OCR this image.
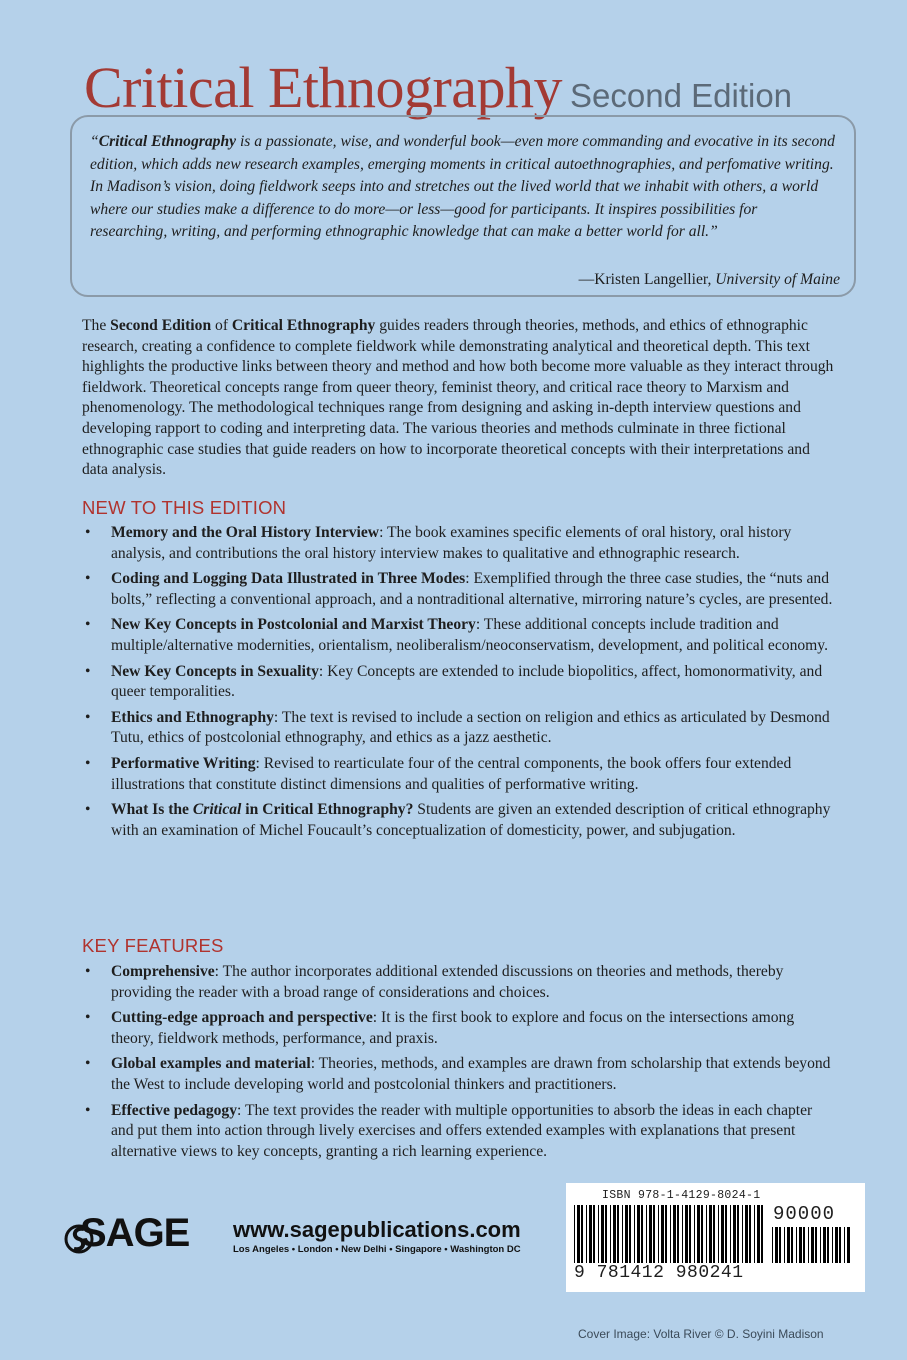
Critical Ethnography Second Edition

“Critical Ethnography is a passionate, wise, and wonderful book—even more commanding and evocative in its second edition, which adds new research examples, emerging moments in critical autoethnographies, and perfomative writing. In Madison’s vision, doing fieldwork seeps into and stretches out the lived world that we inhabit with others, a world where our studies make a difference to do more—or less—good for participants. It inspires possibilities for researching, writing, and performing ethnographic knowledge that can make a better world for all.”

—Kristen Langellier, University of Maine

The Second Edition of Critical Ethnography guides readers through theories, methods, and ethics of ethnographic research, creating a confidence to complete fieldwork while demonstrating analytical and theoretical depth. This text highlights the productive links between theory and method and how both become more valuable as they interact through fieldwork. Theoretical concepts range from queer theory, feminist theory, and critical race theory to Marxism and phenomenology. The methodological techniques range from designing and asking in-depth interview questions and developing rapport to coding and interpreting data. The various theories and methods culminate in three fictional ethnographic case studies that guide readers on how to incorporate theoretical concepts with their interpretations and data analysis.

NEW TO THIS EDITION
• Memory and the Oral History Interview: The book examines specific elements of oral history, oral history analysis, and contributions the oral history interview makes to qualitative and ethnographic research.
• Coding and Logging Data Illustrated in Three Modes: Exemplified through the three case studies, the “nuts and bolts,” reflecting a conventional approach, and a nontraditional alternative, mirroring nature’s cycles, are presented.
• New Key Concepts in Postcolonial and Marxist Theory: These additional concepts include tradition and multiple/alternative modernities, orientalism, neoliberalism/neoconservatism, development, and political economy.
• New Key Concepts in Sexuality: Key Concepts are extended to include biopolitics, affect, homonormativity, and queer temporalities.
• Ethics and Ethnography: The text is revised to include a section on religion and ethics as articulated by Desmond Tutu, ethics of postcolonial ethnography, and ethics as a jazz aesthetic.
• Performative Writing: Revised to rearticulate four of the central components, the book offers four extended illustrations that constitute distinct dimensions and qualities of performative writing.
• What Is the Critical in Critical Ethnography? Students are given an extended description of critical ethnography with an examination of Michel Foucault’s conceptualization of domesticity, power, and subjugation.
KEY FEATURES
• Comprehensive: The author incorporates additional extended discussions on theories and methods, thereby providing the reader with a broad range of considerations and choices.
• Cutting-edge approach and perspective: It is the first book to explore and focus on the intersections among theory, fieldwork methods, performance, and praxis.
• Global examples and material: Theories, methods, and examples are drawn from scholarship that extends beyond the West to include developing world and postcolonial thinkers and practitioners.
• Effective pedagogy: The text provides the reader with multiple opportunities to absorb the ideas in each chapter and put them into action through lively exercises and offers extended examples with explanations that present alternative views to key concepts, granting a rich learning experience.
ISBN 978-1-4129-8024-1
90000
9 781412 980241
SAGE www.sagepublications.com
Los Angeles • London • New Delhi • Singapore • Washington DC
Cover Image: Volta River © D. Soyini Madison
